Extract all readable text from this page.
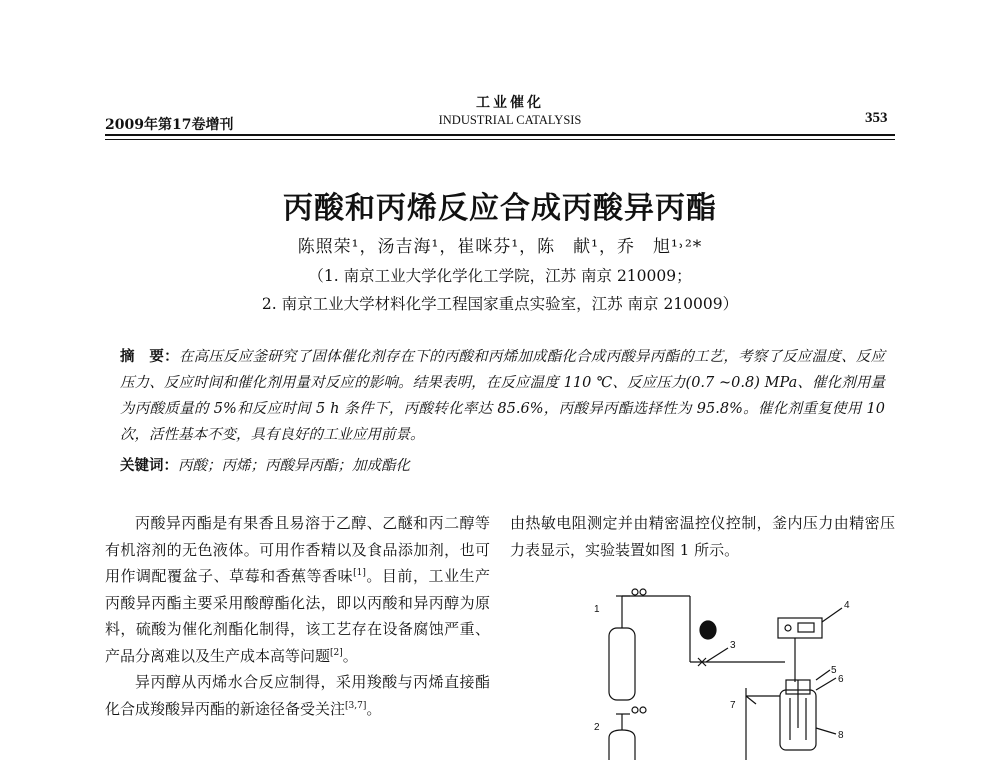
2009年第17卷增刊
工业催化
INDUSTRIAL CATALYSIS	353
丙酸和丙烯反应合成丙酸异丙酯
陈照荣¹，汤吉海¹，崔咪芬¹，陈　献¹，乔　旭¹˒²*
（1. 南京工业大学化学化工学院，江苏 南京 210009；
2. 南京工业大学材料化学工程国家重点实验室，江苏 南京 210009）
摘　要：在高压反应釜研究了固体催化剂存在下的丙酸和丙烯加成酯化合成丙酸异丙酯的工艺，考察了反应温度、反应压力、反应时间和催化剂用量对反应的影响。结果表明，在反应温度 110 ℃、反应压力(0.7 ~0.8) MPa、催化剂用量为丙酸质量的 5%和反应时间 5 h 条件下，丙酸转化率达 85.6%，丙酸异丙酯选择性为 95.8%。催化剂重复使用 10 次，活性基本不变，具有良好的工业应用前景。
关键词：丙酸；丙烯；丙酸异丙酯；加成酯化

丙酸异丙酯是有果香且易溶于乙醇、乙醚和丙二醇等有机溶剂的无色液体。可用作香精以及食品添加剂，也可用作调配覆盆子、草莓和香蕉等香味[1]。目前，工业生产丙酸异丙酯主要采用酸醇酯化法，即以丙酸和异丙醇为原料，硫酸为催化剂酯化制得，该工艺存在设备腐蚀严重、产品分离难以及生产成本高等问题[2]。

异丙醇从丙烯水合反应制得，采用羧酸与丙烯直接酯化合成羧酸异丙酯的新途径备受关注[3,7]。

由热敏电阻测定并由精密温控仪控制，釜内压力由精密压力表显示，实验装置如图 1 所示。

1
3
4
5
6
8
7
2
